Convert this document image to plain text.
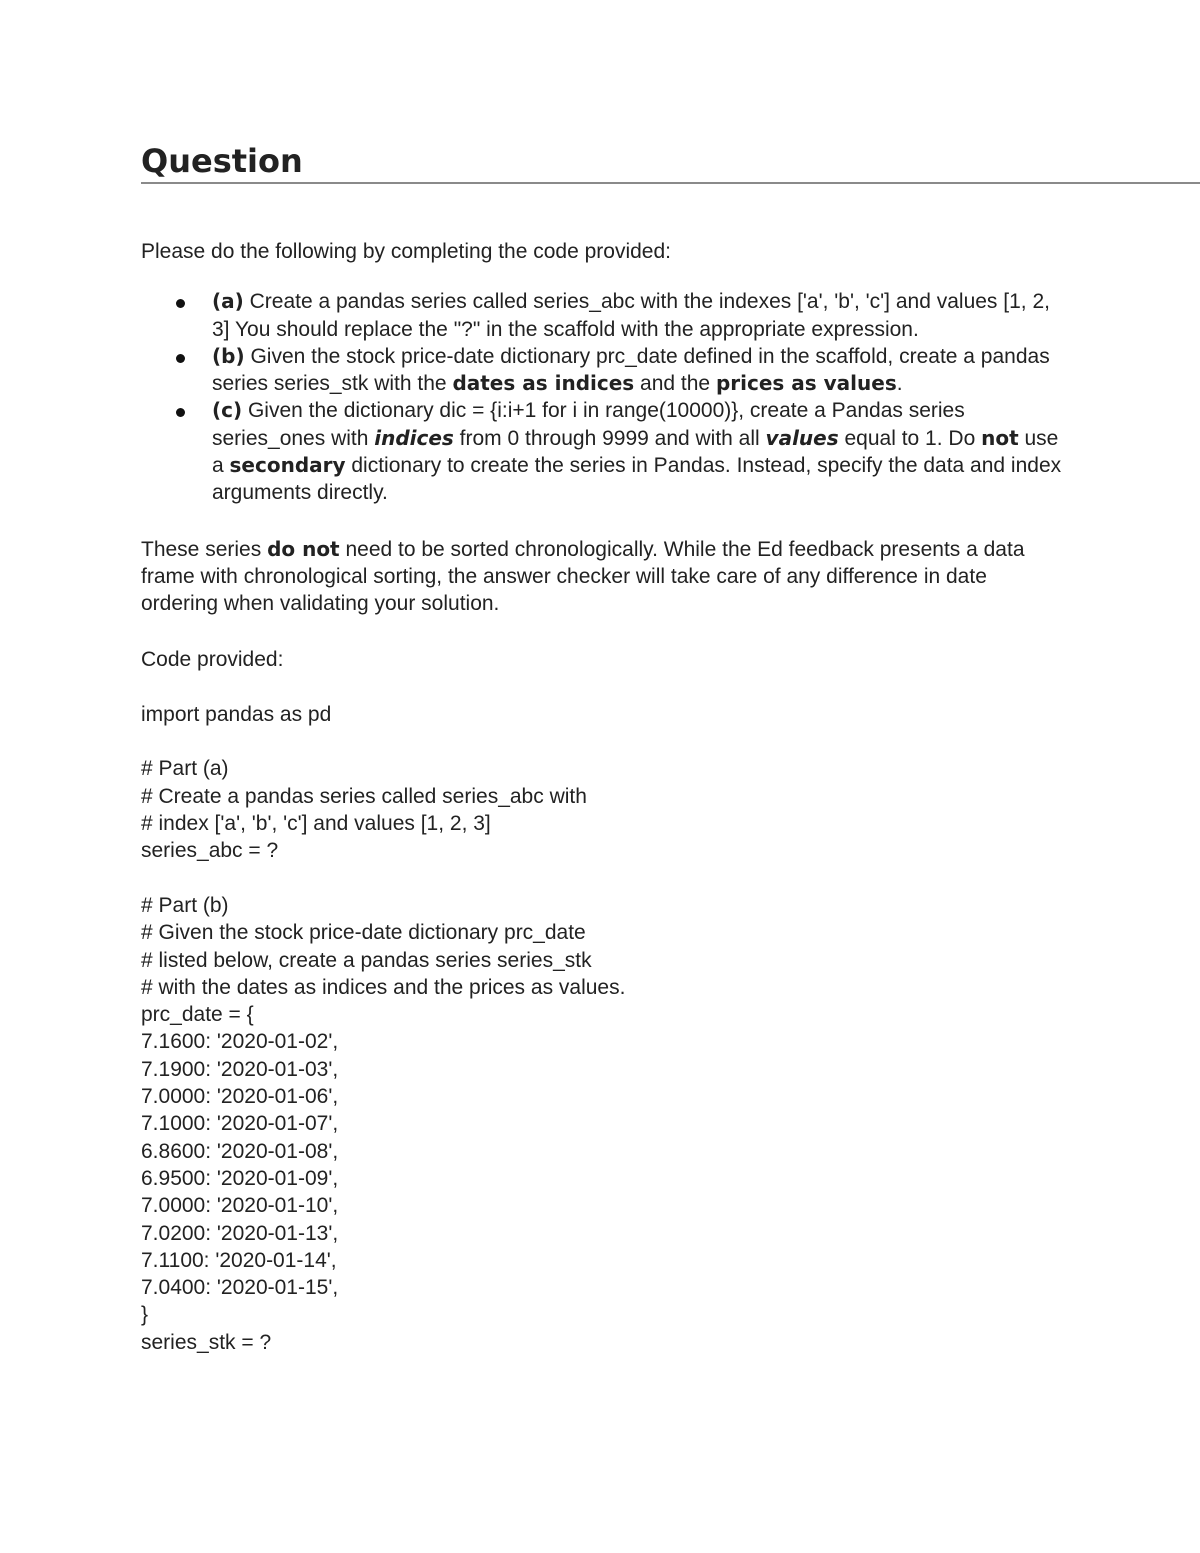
Question

Please do the following by completing the code provided:

(a) Create a pandas series called series_abc with the indexes ['a', 'b', 'c'] and values [1, 2, 3] You should replace the "?" in the scaffold with the appropriate expression.
(b) Given the stock price-date dictionary prc_date defined in the scaffold, create a pandas series series_stk with the dates as indices and the prices as values.
(c) Given the dictionary dic = {i:i+1 for i in range(10000)}, create a Pandas series series_ones with indices from 0 through 9999 and with all values equal to 1. Do not use a secondary dictionary to create the series in Pandas. Instead, specify the data and index arguments directly.

These series do not need to be sorted chronologically. While the Ed feedback presents a data frame with chronological sorting, the answer checker will take care of any difference in date ordering when validating your solution.

Code provided:

import pandas as pd
# Part (a)
# Create a pandas series called series_abc with
# index ['a', 'b', 'c'] and values [1, 2, 3]
series_abc = ?
# Part (b)
# Given the stock price-date dictionary prc_date
# listed below, create a pandas series series_stk
# with the dates as indices and the prices as values.
prc_date = {
7.1600: '2020-01-02',
7.1900: '2020-01-03',
7.0000: '2020-01-06',
7.1000: '2020-01-07',
6.8600: '2020-01-08',
6.9500: '2020-01-09',
7.0000: '2020-01-10',
7.0200: '2020-01-13',
7.1100: '2020-01-14',
7.0400: '2020-01-15',
}
series_stk = ?
